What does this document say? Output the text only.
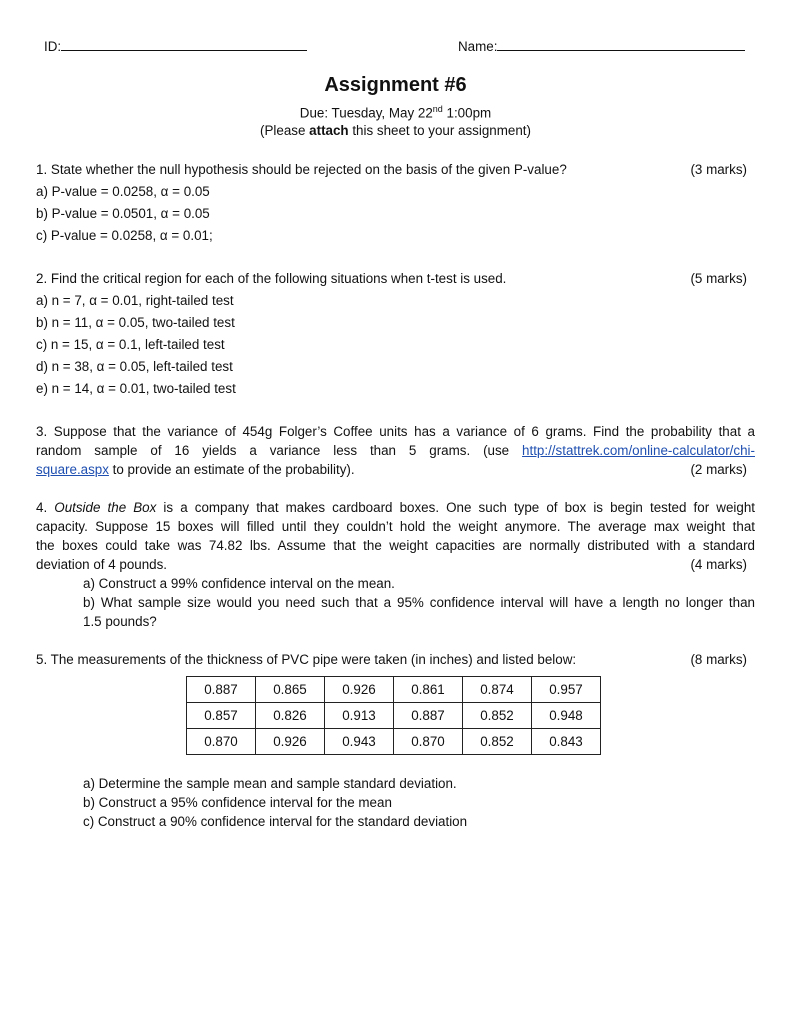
ID:	Name:
Assignment #6
Due: Tuesday, May 22nd 1:00pm
(Please attach this sheet to your assignment)
1. State whether the null hypothesis should be rejected on the basis of the given P-value?	(3 marks)
a) P-value = 0.0258, α = 0.05
b) P-value = 0.0501, α = 0.05
c) P-value = 0.0258, α = 0.01;
2. Find the critical region for each of the following situations when t-test is used.	(5 marks)
a) n = 7, α = 0.01, right-tailed test
b) n = 11, α = 0.05, two-tailed test
c) n = 15, α = 0.1, left-tailed test
d) n = 38, α = 0.05, left-tailed test
e) n = 14, α = 0.01, two-tailed test
3. Suppose that the variance of 454g Folger’s Coffee units has a variance of 6 grams. Find the probability that a
random sample of 16 yields a variance less than 5 grams. (use http://stattrek.com/online-calculator/chi-
square.aspx to provide an estimate of the probability).	(2 marks)
4. Outside the Box is a company that makes cardboard boxes. One such type of box is begin tested for weight
capacity. Suppose 15 boxes will filled until they couldn’t hold the weight anymore. The average max weight that
the boxes could take was 74.82 lbs. Assume that the weight capacities are normally distributed with a standard
deviation of 4 pounds.	(4 marks)
a) Construct a 99% confidence interval on the mean.
b) What sample size would you need such that a 95% confidence interval will have a length no longer than
1.5 pounds?
5. The measurements of the thickness of PVC pipe were taken (in inches) and listed below:	(8 marks)
0.887	0.865	0.926	0.861	0.874	0.957
0.857	0.826	0.913	0.887	0.852	0.948
0.870	0.926	0.943	0.870	0.852	0.843
a) Determine the sample mean and sample standard deviation.
b) Construct a 95% confidence interval for the mean
c) Construct a 90% confidence interval for the standard deviation
